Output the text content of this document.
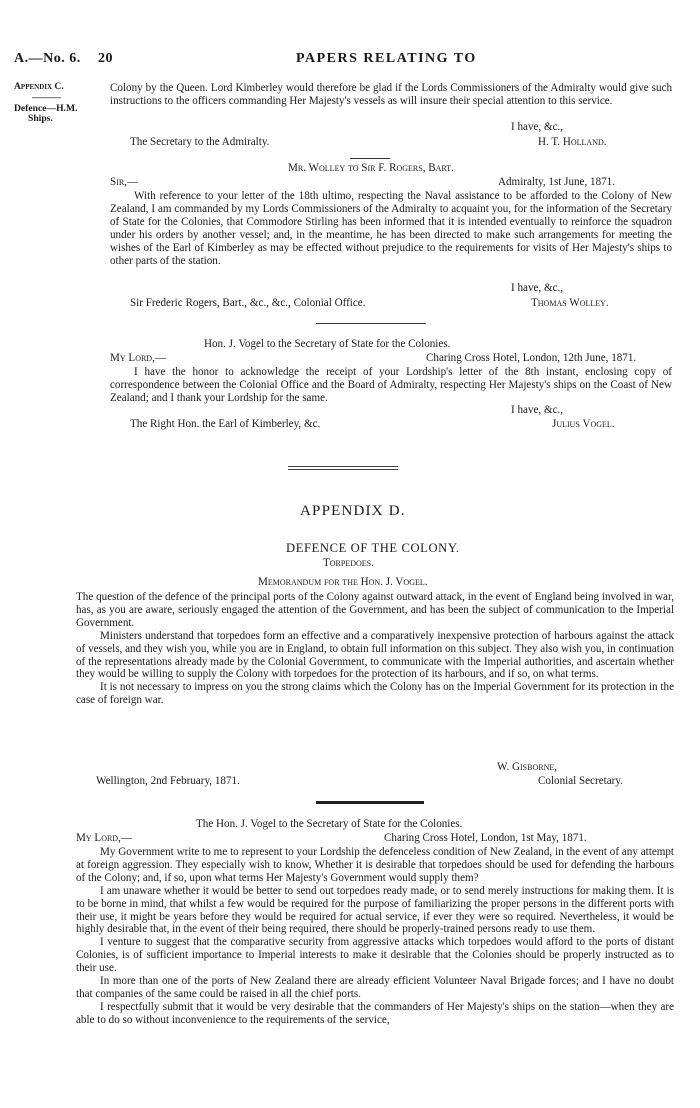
A.—No. 6. 20	PAPERS RELATING TO
Appendix C.
———
Defence—H.M.
Ships.
Colony by the Queen. Lord Kimberley would therefore be glad if the Lords Commissioners of the Admiralty would give such instructions to the officers commanding Her Majesty's vessels as will insure their special attention to this service.
I have, &c.,
The Secretary to the Admiralty.	H. T. Holland.
Mr. Wolley to Sir F. Rogers, Bart.
Sir,—	Admiralty, 1st June, 1871.
With reference to your letter of the 18th ultimo, respecting the Naval assistance to be afforded to the Colony of New Zealand, I am commanded by my Lords Commissioners of the Admiralty to acquaint you, for the information of the Secretary of State for the Colonies, that Commodore Stirling has been informed that it is intended eventually to reinforce the squadron under his orders by another vessel; and, in the meantime, he has been directed to make such arrangements for meeting the wishes of the Earl of Kimberley as may be effected without prejudice to the requirements for visits of Her Majesty's ships to other parts of the station.
I have, &c.,
Sir Frederic Rogers, Bart., &c., &c., Colonial Office.	Thomas Wolley.
Hon. J. Vogel to the Secretary of State for the Colonies.
My Lord,—	Charing Cross Hotel, London, 12th June, 1871.
I have the honor to acknowledge the receipt of your Lordship's letter of the 8th instant, enclosing copy of correspondence between the Colonial Office and the Board of Admiralty, respecting Her Majesty's ships on the Coast of New Zealand; and I thank your Lordship for the same.
I have, &c.,
The Right Hon. the Earl of Kimberley, &c.	Julius Vogel.
APPENDIX D.
DEFENCE OF THE COLONY.
Torpedoes.
Memorandum for the Hon. J. Vogel.

The question of the defence of the principal ports of the Colony against outward attack, in the event of England being involved in war, has, as you are aware, seriously engaged the attention of the Government, and has been the subject of communication to the Imperial Government.

Ministers understand that torpedoes form an effective and a comparatively inexpensive protection of harbours against the attack of vessels, and they wish you, while you are in England, to obtain full information on this subject. They also wish you, in continuation of the representations already made by the Colonial Government, to communicate with the Imperial authorities, and ascertain whether they would be willing to supply the Colony with torpedoes for the protection of its harbours, and if so, on what terms.

It is not necessary to impress on you the strong claims which the Colony has on the Imperial Government for its protection in the case of foreign war.

W. Gisborne,
Colonial Secretary.
Wellington, 2nd February, 1871.
The Hon. J. Vogel to the Secretary of State for the Colonies.
My Lord,—	Charing Cross Hotel, London, 1st May, 1871.

My Government write to me to represent to your Lordship the defenceless condition of New Zealand, in the event of any attempt at foreign aggression. They especially wish to know, Whether it is desirable that torpedoes should be used for defending the harbours of the Colony; and, if so, upon what terms Her Majesty's Government would supply them?

I am unaware whether it would be better to send out torpedoes ready made, or to send merely instructions for making them. It is to be borne in mind, that whilst a few would be required for the purpose of familiarizing the proper persons in the different ports with their use, it might be years before they would be required for actual service, if ever they were so required. Nevertheless, it would be highly desirable that, in the event of their being required, there should be properly-trained persons ready to use them.

I venture to suggest that the comparative security from aggressive attacks which torpedoes would afford to the ports of distant Colonies, is of sufficient importance to Imperial interests to make it desirable that the Colonies should be properly instructed as to their use.

In more than one of the ports of New Zealand there are already efficient Volunteer Naval Brigade forces; and I have no doubt that companies of the same could be raised in all the chief ports.

I respectfully submit that it would be very desirable that the commanders of Her Majesty's ships on the station—when they are able to do so without inconvenience to the requirements of the service,
